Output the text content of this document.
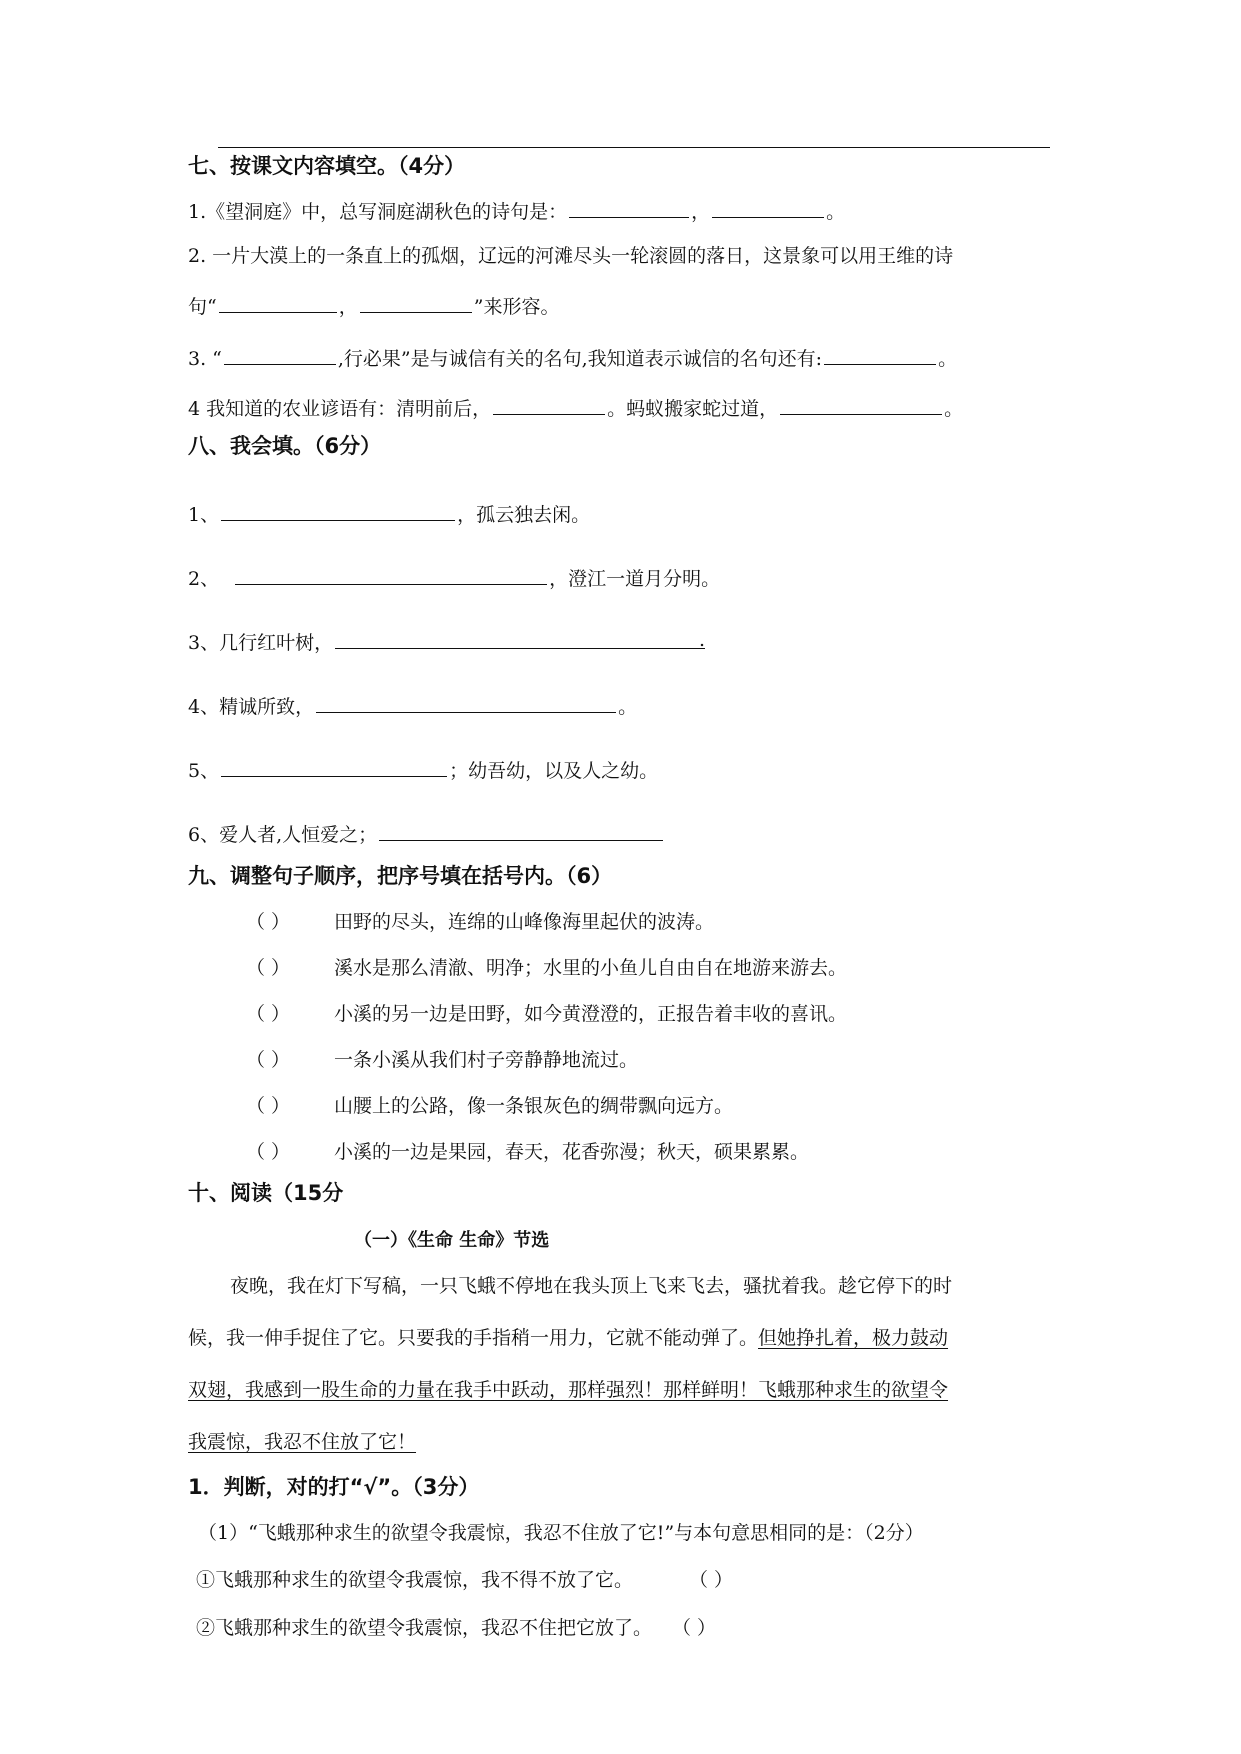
七、按课文内容填空。（4分）
1.《望洞庭》中，总写洞庭湖秋色的诗句是：	，	。
2. 一片大漠上的一条直上的孤烟，辽远的河滩尽头一轮滚圆的落日，这景象可以用王维的诗
句“	，	”来形容。
3. “	,行必果”是与诚信有关的名句,我知道表示诚信的名句还有:	。
4 我知道的农业谚语有：清明前后，	。蚂蚁搬家蛇过道，	。
八、我会填。（6分）
1、	，孤云独去闲。
2、	，澄江一道月分明。
3、几行红叶树，	.
4、精诚所致，	。
5、	；幼吾幼，以及人之幼。
6、爱人者,人恒爱之；
九、调整句子顺序，把序号填在括号内。（6）
（ ） 田野的尽头，连绵的山峰像海里起伏的波涛。
（ ） 溪水是那么清澈、明净；水里的小鱼儿自由自在地游来游去。
（ ） 小溪的另一边是田野，如今黄澄澄的，正报告着丰收的喜讯。
（ ） 一条小溪从我们村子旁静静地流过。
（ ） 山腰上的公路，像一条银灰色的绸带飘向远方。
（ ） 小溪的一边是果园，春天，花香弥漫；秋天，硕果累累。
十、阅读（15分
（一）《生命 生命》节选
夜晚，我在灯下写稿，一只飞蛾不停地在我头顶上飞来飞去，骚扰着我。趁它停下的时
候，我一伸手捉住了它。只要我的手指稍一用力，它就不能动弹了。但她挣扎着，极力鼓动
双翅，我感到一股生命的力量在我手中跃动，那样强烈！那样鲜明！飞蛾那种求生的欲望令
我震惊，我忍不住放了它！
1．判断，对的打“√”。（3分）
（1）“飞蛾那种求生的欲望令我震惊，我忍不住放了它!”与本句意思相同的是：（2分）
①飞蛾那种求生的欲望令我震惊，我不得不放了它。	（ ）
②飞蛾那种求生的欲望令我震惊，我忍不住把它放了。 （ ）
